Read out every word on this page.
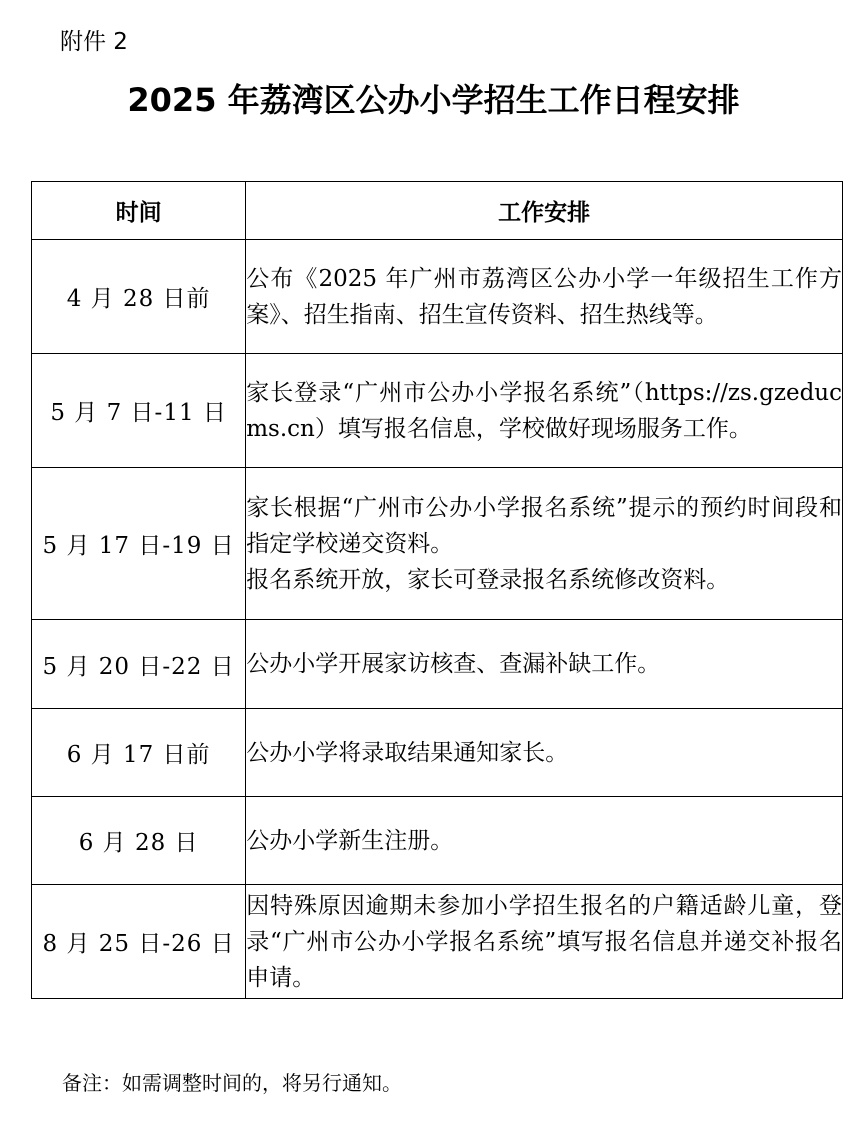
附件 2
2025 年荔湾区公办小学招生工作日程安排
时间	工作安排
4 月 28 日前	公布《2025 年广州市荔湾区公办小学一年级招生工作方案》、招生指南、招生宣传资料、招生热线等。

5 月 7 日-11 日	家长登录“广州市公办小学报名系统”（https://zs.gzeducms.cn）填写报名信息，学校做好现场服务工作。

5 月 17 日-19 日	家长根据“广州市公办小学报名系统”提示的预约时间段和指定学校递交资料。
报名系统开放，家长可登录报名系统修改资料。

5 月 20 日-22 日	公办小学开展家访核查、查漏补缺工作。

6 月 17 日前	公办小学将录取结果通知家长。

6 月 28 日	公办小学新生注册。

8 月 25 日-26 日	因特殊原因逾期未参加小学招生报名的户籍适龄儿童，登录“广州市公办小学报名系统”填写报名信息并递交补报名申请。
备注：如需调整时间的，将另行通知。
